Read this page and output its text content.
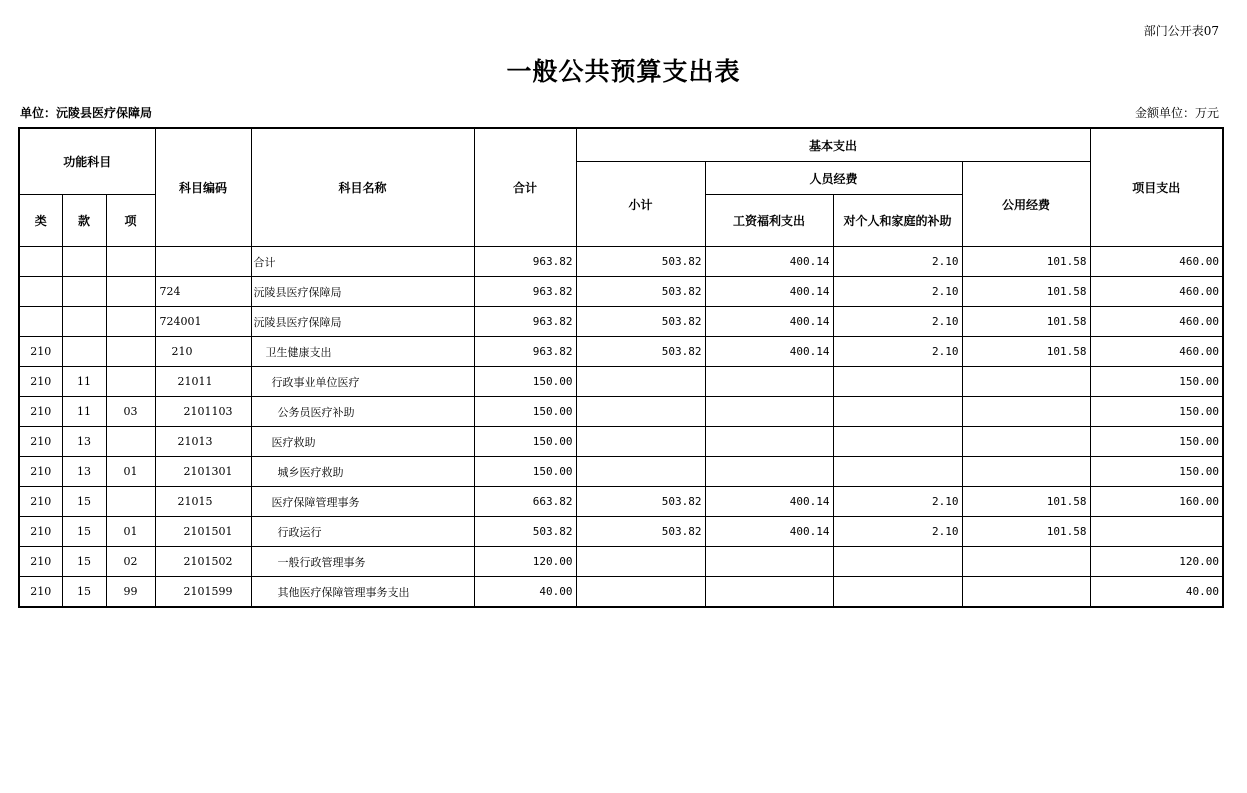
部门公开表07
一般公共预算支出表
单位：沅陵县医疗保障局	金额单位：万元
功能科目			科目编码	科目名称	合计	基本支出				项目支出
						小计	人员经费		公用经费	
类	款	项					工资福利支出	对个人和家庭的补助		
				合计	963.82	503.82	400.14	2.10	101.58	460.00
			724	沅陵县医疗保障局	963.82	503.82	400.14	2.10	101.58	460.00
			724001	沅陵县医疗保障局	963.82	503.82	400.14	2.10	101.58	460.00
210			210	卫生健康支出	963.82	503.82	400.14	2.10	101.58	460.00
210	11		21011	行政事业单位医疗	150.00					150.00
210	11	03	2101103	公务员医疗补助	150.00					150.00
210	13		21013	医疗救助	150.00					150.00
210	13	01	2101301	城乡医疗救助	150.00					150.00
210	15		21015	医疗保障管理事务	663.82	503.82	400.14	2.10	101.58	160.00
210	15	01	2101501	行政运行	503.82	503.82	400.14	2.10	101.58	
210	15	02	2101502	一般行政管理事务	120.00					120.00
210	15	99	2101599	其他医疗保障管理事务支出	40.00					40.00
